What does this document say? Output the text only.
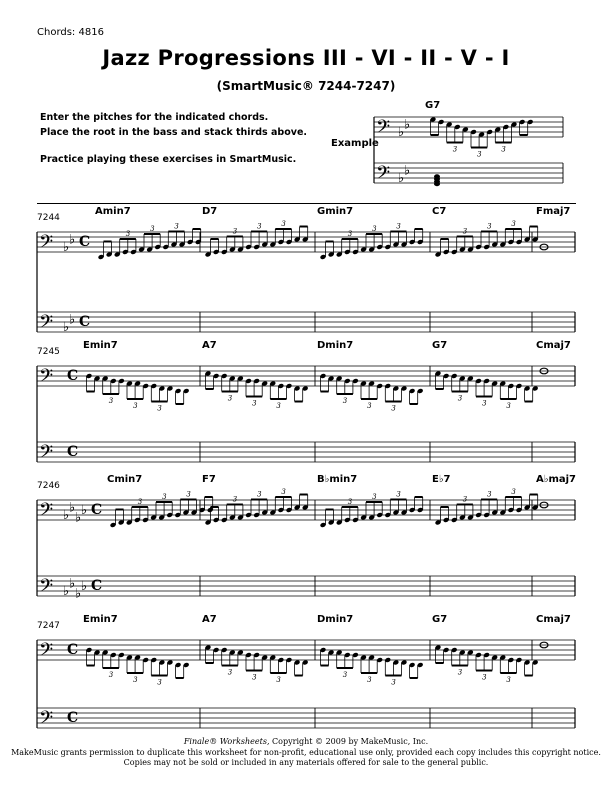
Chords: 4816
Jazz Progressions III - VI - II - V - I
(SmartMusic® 7244-7247)
Enter the pitches for the indicated chords.
Place the root in the bass and stack thirds above.
Practice playing these exercises in SmartMusic.
Example
𝄢
𝄢
♭ ♭
♭ ♭
G7
3
3
3
7244
𝄢
𝄢
♭ ♭
♭ ♭
C
C
Amin7
3
3	3
D7
3
3	3
Gmin7
3
3	3
C7
3
3	3
Fmaj7
7245
𝄢
𝄢
C
C
Emin7
3
3	3
A7
3
3	3
Dmin7
3
3	3
G7
3
3	3
Cmaj7
7246
𝄢
𝄢
♭ ♭
♭ ♭
♭ ♭
♭ ♭
C
C
Cmin7
3
3	3
F7
3
3	3
B♭min7
3
3	3
E♭7
3
3	3
A♭maj7
7247
𝄢
𝄢
C
C
Emin7
3
3	3
A7
3
3	3
Dmin7
3
3	3
G7
3
3	3
Cmaj7
Finale® Worksheets, Copyright © 2009 by MakeMusic, Inc.
MakeMusic grants permission to duplicate this worksheet for non-profit, educational use only, provided each copy includes this copyright notice.
Copies may not be sold or included in any materials offered for sale to the general public.
